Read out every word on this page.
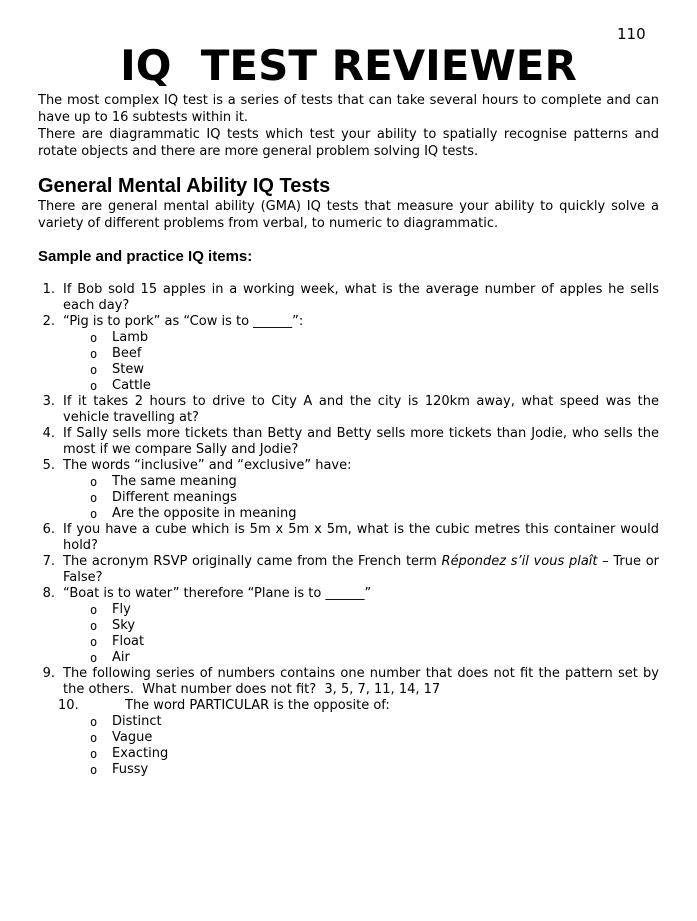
110
IQ  TEST REVIEWER

The most complex IQ test is a series of tests that can take several hours to complete and can have up to 16 subtests within it.

There are diagrammatic IQ tests which test your ability to spatially recognise patterns and rotate objects and there are more general problem solving IQ tests.

General Mental Ability IQ Tests

There are general mental ability (GMA) IQ tests that measure your ability to quickly solve a variety of different problems from verbal, to numeric to diagrammatic.

Sample and practice IQ items:
1. If Bob sold 15 apples in a working week, what is the average number of apples he sells each day?
2. “Pig is to pork” as “Cow is to ______”:
o Lamb
o Beef
o Stew
o Cattle
3. If it takes 2 hours to drive to City A and the city is 120km away, what speed was the vehicle travelling at?
4. If Sally sells more tickets than Betty and Betty sells more tickets than Jodie, who sells the most if we compare Sally and Jodie?
5. The words “inclusive” and “exclusive” have:
o The same meaning
o Different meanings
o Are the opposite in meaning
6. If you have a cube which is 5m x 5m x 5m, what is the cubic metres this container would hold?
7. The acronym RSVP originally came from the French term Répondez s’il vous plaît – True or False?
8. “Boat is to water” therefore “Plane is to ______”
o Fly
o Sky
o Float
o Air
9. The following series of numbers contains one number that does not fit the pattern set by the others.  What number does not fit?  3, 5, 7, 11, 14, 17
10.	The word PARTICULAR is the opposite of:
o Distinct
o Vague
o Exacting
o Fussy
